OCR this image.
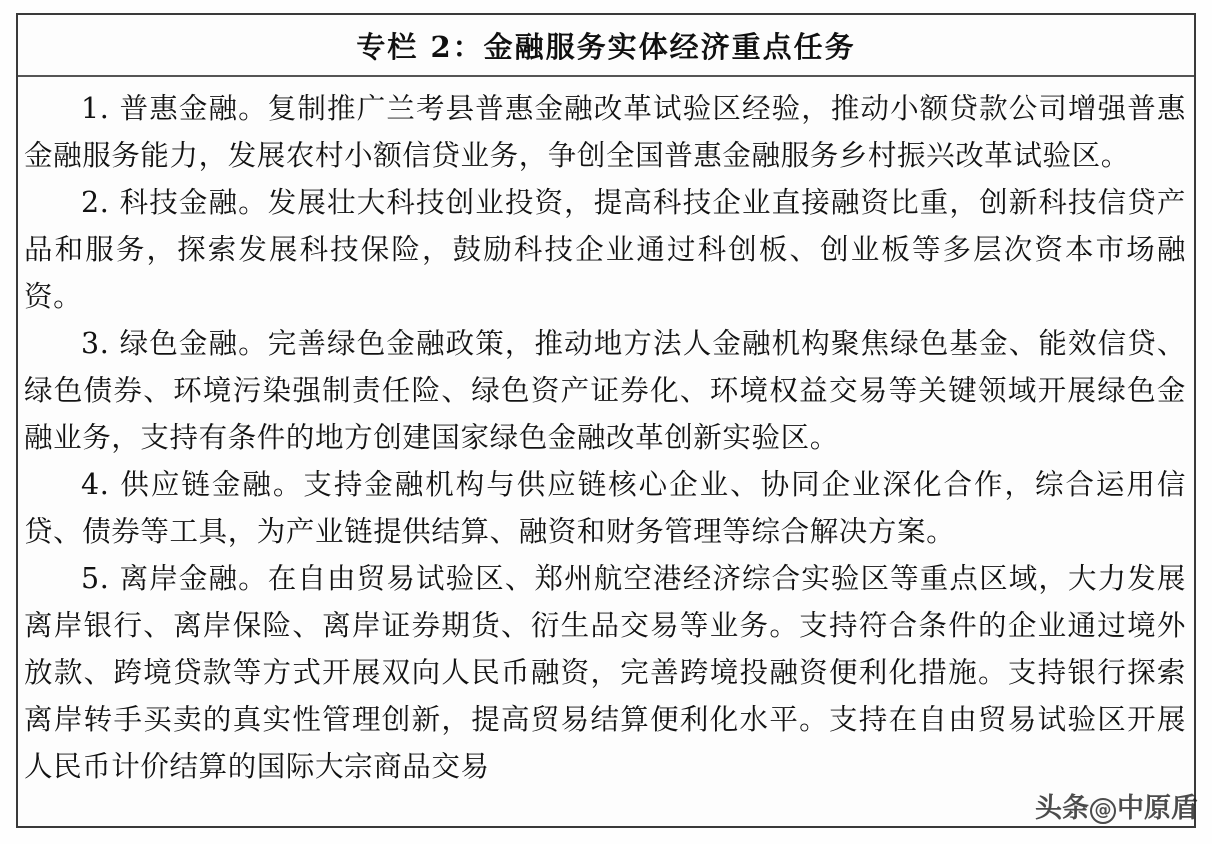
专栏 2：金融服务实体经济重点任务

1. 普惠金融。复制推广兰考县普惠金融改革试验区经验，推动小额贷款公司增强普惠金融服务能力，发展农村小额信贷业务，争创全国普惠金融服务乡村振兴改革试验区。

2. 科技金融。发展壮大科技创业投资，提高科技企业直接融资比重，创新科技信贷产品和服务，探索发展科技保险，鼓励科技企业通过科创板、创业板等多层次资本市场融资。

3. 绿色金融。完善绿色金融政策，推动地方法人金融机构聚焦绿色基金、能效信贷、绿色债券、环境污染强制责任险、绿色资产证券化、环境权益交易等关键领域开展绿色金融业务，支持有条件的地方创建国家绿色金融改革创新实验区。

4. 供应链金融。支持金融机构与供应链核心企业、协同企业深化合作，综合运用信贷、债券等工具，为产业链提供结算、融资和财务管理等综合解决方案。

5. 离岸金融。在自由贸易试验区、郑州航空港经济综合实验区等重点区域，大力发展离岸银行、离岸保险、离岸证券期货、衍生品交易等业务。支持符合条件的企业通过境外放款、跨境贷款等方式开展双向人民币融资，完善跨境投融资便利化措施。支持银行探索离岸转手买卖的真实性管理创新，提高贸易结算便利化水平。支持在自由贸易试验区开展人民币计价结算的国际大宗商品交易

头条 @ 中原盾
